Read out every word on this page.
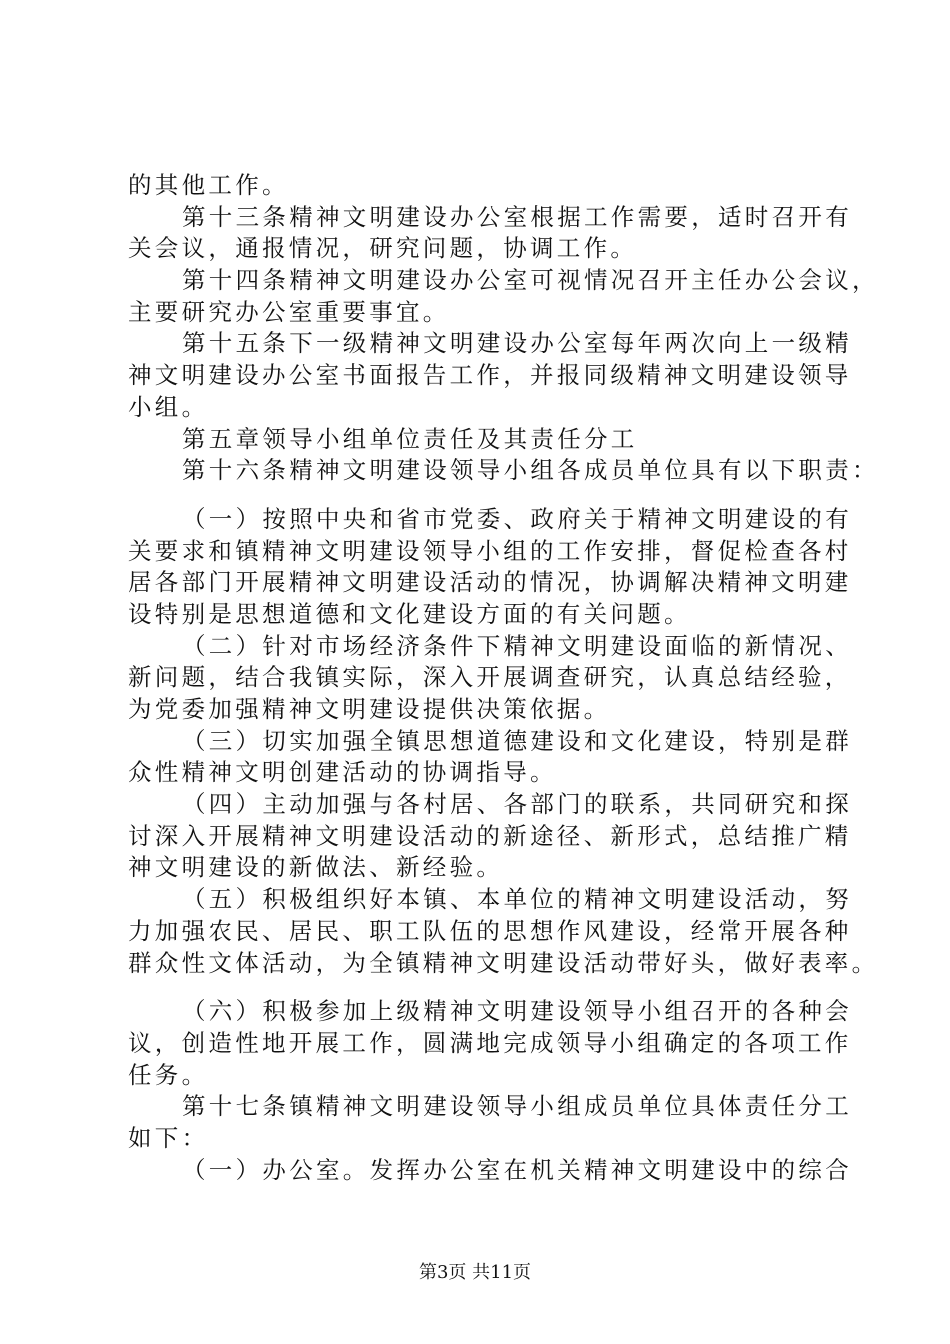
的其他工作。
第十三条精神文明建设办公室根据工作需要，适时召开有
关会议，通报情况，研究问题，协调工作。
第十四条精神文明建设办公室可视情况召开主任办公会议，
主要研究办公室重要事宜。
第十五条下一级精神文明建设办公室每年两次向上一级精
神文明建设办公室书面报告工作，并报同级精神文明建设领导
小组。
第五章领导小组单位责任及其责任分工
第十六条精神文明建设领导小组各成员单位具有以下职责：
（一）按照中央和省市党委、政府关于精神文明建设的有
关要求和镇精神文明建设领导小组的工作安排，督促检查各村
居各部门开展精神文明建设活动的情况，协调解决精神文明建
设特别是思想道德和文化建设方面的有关问题。
（二）针对市场经济条件下精神文明建设面临的新情况、
新问题，结合我镇实际，深入开展调查研究，认真总结经验，
为党委加强精神文明建设提供决策依据。
（三）切实加强全镇思想道德建设和文化建设，特别是群
众性精神文明创建活动的协调指导。
（四）主动加强与各村居、各部门的联系，共同研究和探
讨深入开展精神文明建设活动的新途径、新形式，总结推广精
神文明建设的新做法、新经验。
（五）积极组织好本镇、本单位的精神文明建设活动，努
力加强农民、居民、职工队伍的思想作风建设，经常开展各种
群众性文体活动，为全镇精神文明建设活动带好头，做好表率。
（六）积极参加上级精神文明建设领导小组召开的各种会
议，创造性地开展工作，圆满地完成领导小组确定的各项工作
任务。
第十七条镇精神文明建设领导小组成员单位具体责任分工
如下：
（一）办公室。发挥办公室在机关精神文明建设中的综合
第3页 共11页
